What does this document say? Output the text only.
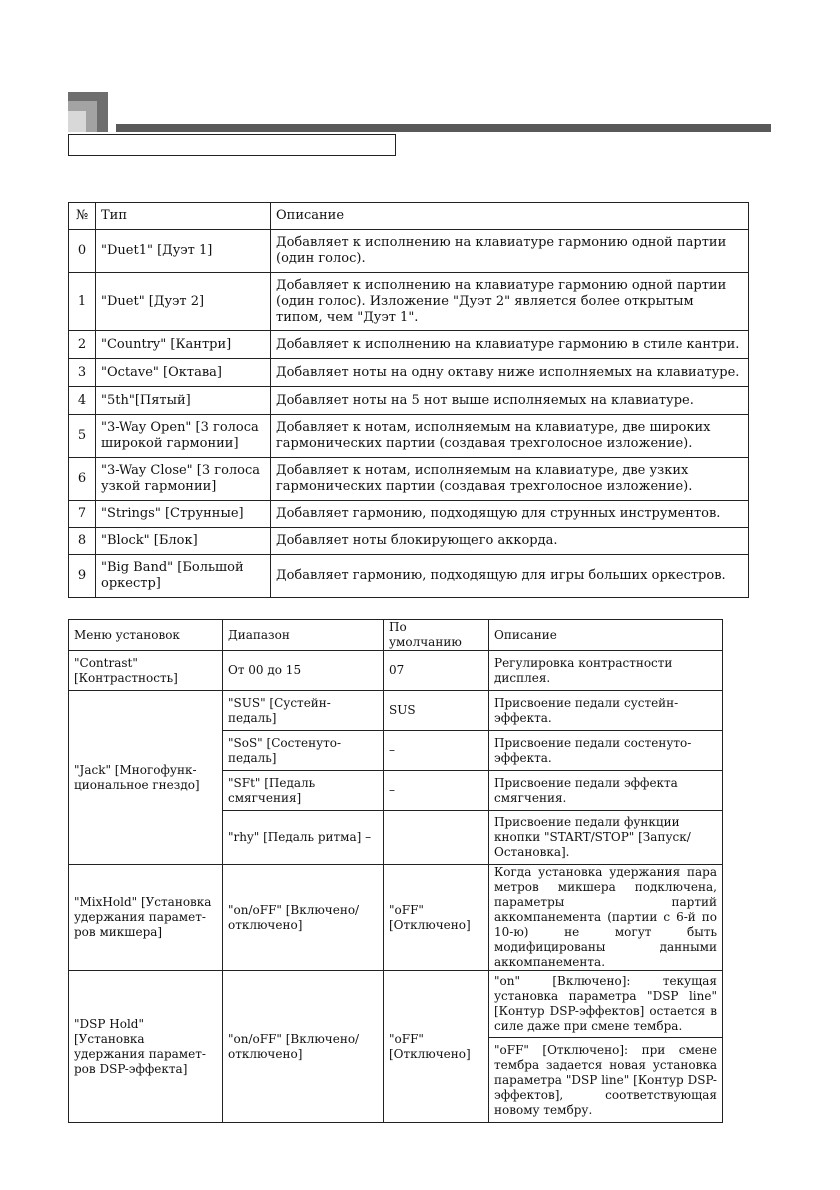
№	Тип	Описание
0	"Duet1" [Дуэт 1]	Добавляет к исполнению на клавиатуре гармонию одной партии (один голос).
1	"Duet" [Дуэт 2]	Добавляет к исполнению на клавиатуре гармонию одной партии (один голос). Изложение "Дуэт 2" является более открытым типом, чем "Дуэт 1".
2	"Country" [Кантри]	Добавляет к исполнению на клавиатуре гармонию в стиле кантри.
3	"Octave" [Октава]	Добавляет ноты на одну октаву ниже исполняемых на клавиатуре.
4	"5th"[Пятый]	Добавляет ноты на 5 нот выше исполняемых на клавиатуре.
5	"3-Way Open" [3 голоса широкой гармонии]	Добавляет к нотам, исполняемым на клавиатуре, две широких гармонических партии (создавая трехголосное изложение).
6	"3-Way Close" [3 голоса узкой гармонии]	Добавляет к нотам, исполняемым на клавиатуре, две узких гармонических партии (создавая трехголосное изложение).
7	"Strings" [Струнные]	Добавляет гармонию, подходящую для струнных инструментов.
8	"Block" [Блок]	Добавляет ноты блокирующего аккорда.
9	"Big Band" [Большой оркестр]	Добавляет гармонию, подходящую для игры больших оркестров.
Меню установок	Диапазон	По умолчанию	Описание
"Contrast" [Контрастность]	От 00 до 15	07	Регулировка контрастности дисплея.
"Jack" [Многофунк-циональное гнездо]	"SUS" [Сустейн-педаль]	SUS	Присвоение педали сустейн-эффекта.
	"SoS" [Состенуто-педаль]	–	Присвоение педали состенуто-эффекта.
	"SFt" [Педаль смягчения]	–	Присвоение педали эффекта смягчения.
	"rhy" [Педаль ритма] –		Присвоение педали функции кнопки "START/STOP" [Запуск/Остановка].
"MixHold" [Установка удержания парамет-ров микшера]	"on/oFF" [Включено/отключено]	"oFF" [Отключено]	Когда установка удержания пара метров микшера подключена, параметры партий аккомпанемента (партии с 6-й по 10-ю) не могут быть модифицированы данными аккомпанемента.
"DSP Hold" [Установка удержания парамет-ров DSP-эффекта]	"on/oFF" [Включено/отключено]	"oFF" [Отключено]	"on" [Включено]: текущая установка параметра "DSP line" [Контур DSP-эффектов] остается в силе даже при смене тембра.
			"oFF" [Отключено]: при смене тембра задается новая установка параметра "DSP line" [Контур DSP-эффектов], соответствующая новому тембру.
